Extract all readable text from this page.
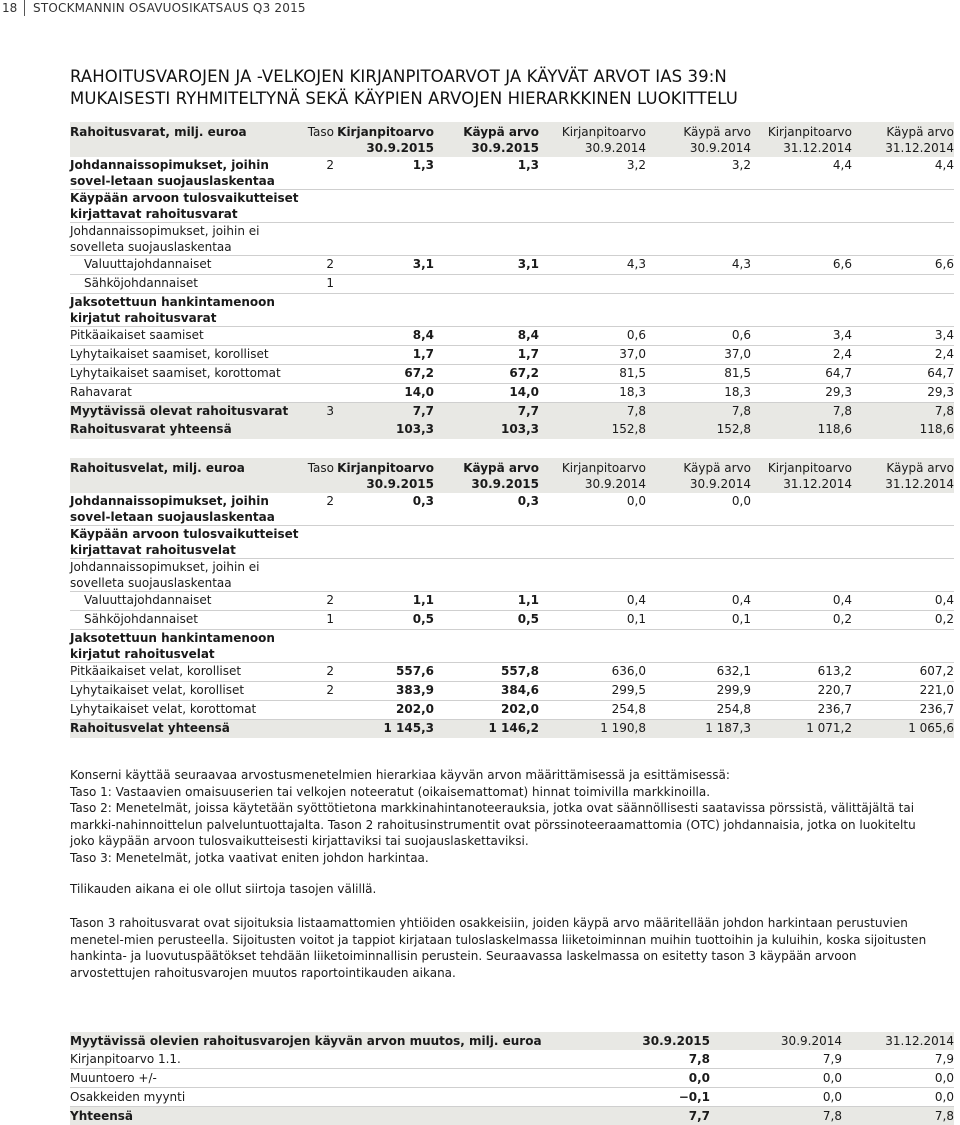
18	STOCKMANNIN OSAVUOSIKATSAUS Q3 2015
RAHOITUSVAROJEN JA -VELKOJEN KIRJANPITOARVOT JA KÄYVÄT ARVOT IAS 39:N
MUKAISESTI RYHMITELTYNÄ SEKÄ KÄYPIEN ARVOJEN HIERARKKINEN LUOKITTELU
Rahoitusvarat, milj. euroa	Taso	Kirjanpitoarvo 30.9.2015	Käypä arvo 30.9.2015	Kirjanpitoarvo 30.9.2014	Käypä arvo 30.9.2014	Kirjanpitoarvo 31.12.2014	Käypä arvo 31.12.2014
Johdannaissopimukset, joihin sovel-letaan suojauslaskentaa	2	1,3	1,3	3,2	3,2	4,4	4,4
Käypään arvoon tulosvaikutteiset kirjattavat rahoitusvarat							
Johdannaissopimukset, joihin ei sovelleta suojauslaskentaa							
Valuuttajohdannaiset	2	3,1	3,1	4,3	4,3	6,6	6,6
Sähköjohdannaiset	1						
Jaksotettuun hankintamenoon kirjatut rahoitusvarat							
Pitkäaikaiset saamiset		8,4	8,4	0,6	0,6	3,4	3,4
Lyhytaikaiset saamiset, korolliset		1,7	1,7	37,0	37,0	2,4	2,4
Lyhytaikaiset saamiset, korottomat		67,2	67,2	81,5	81,5	64,7	64,7
Rahavarat		14,0	14,0	18,3	18,3	29,3	29,3
Myytävissä olevat rahoitusvarat	3	7,7	7,7	7,8	7,8	7,8	7,8
Rahoitusvarat yhteensä		103,3	103,3	152,8	152,8	118,6	118,6
Rahoitusvelat, milj. euroa	Taso	Kirjanpitoarvo 30.9.2015	Käypä arvo 30.9.2015	Kirjanpitoarvo 30.9.2014	Käypä arvo 30.9.2014	Kirjanpitoarvo 31.12.2014	Käypä arvo 31.12.2014
Johdannaissopimukset, joihin sovel-letaan suojauslaskentaa	2	0,3	0,3	0,0	0,0		
Käypään arvoon tulosvaikutteiset kirjattavat rahoitusvelat							
Johdannaissopimukset, joihin ei sovelleta suojauslaskentaa							
Valuuttajohdannaiset	2	1,1	1,1	0,4	0,4	0,4	0,4
Sähköjohdannaiset	1	0,5	0,5	0,1	0,1	0,2	0,2
Jaksotettuun hankintamenoon kirjatut rahoitusvelat							
Pitkäaikaiset velat, korolliset	2	557,6	557,8	636,0	632,1	613,2	607,2
Lyhytaikaiset velat, korolliset	2	383,9	384,6	299,5	299,9	220,7	221,0
Lyhytaikaiset velat, korottomat		202,0	202,0	254,8	254,8	236,7	236,7
Rahoitusvelat yhteensä		1 145,3	1 146,2	1 190,8	1 187,3	1 071,2	1 065,6

Konserni käyttää seuraavaa arvostusmenetelmien hierarkiaa käyvän arvon määrittämisessä ja esittämisessä:

Taso 1: Vastaavien omaisuuserien tai velkojen noteeratut (oikaisemattomat) hinnat toimivilla markkinoilla.

Taso 2: Menetelmät, joissa käytetään syöttötietona markkinahintanoteerauksia, jotka ovat säännöllisesti saatavissa pörssistä, välittäjältä tai markki-nahinnoittelun palveluntuottajalta. Tason 2 rahoitusinstrumentit ovat pörssinoteeraamattomia (OTC) johdannaisia, jotka on luokiteltu joko käypään arvoon tulosvaikutteisesti kirjattaviksi tai suojauslaskettaviksi.

Taso 3: Menetelmät, jotka vaativat eniten johdon harkintaa.

Tilikauden aikana ei ole ollut siirtoja tasojen välillä.

Tason 3 rahoitusvarat ovat sijoituksia listaamattomien yhtiöiden osakkeisiin, joiden käypä arvo määritellään johdon harkintaan perustuvien menetel-mien perusteella. Sijoitusten voitot ja tappiot kirjataan tuloslaskelmassa liiketoiminnan muihin tuottoihin ja kuluihin, koska sijoitusten hankinta- ja luovutuspäätökset tehdään liiketoiminnallisin perustein. Seuraavassa laskelmassa on esitetty tason 3 käypään arvoon arvostettujen rahoitusvarojen muutos raportointikauden aikana.

Myytävissä olevien rahoitusvarojen käyvän arvon muutos, milj. euroa	30.9.2015	30.9.2014	31.12.2014
Kirjanpitoarvo 1.1.	7,8	7,9	7,9
Muuntoero +/-	0,0	0,0	0,0
Osakkeiden myynti	−0,1	0,0	0,0
Yhteensä	7,7	7,8	7,8
